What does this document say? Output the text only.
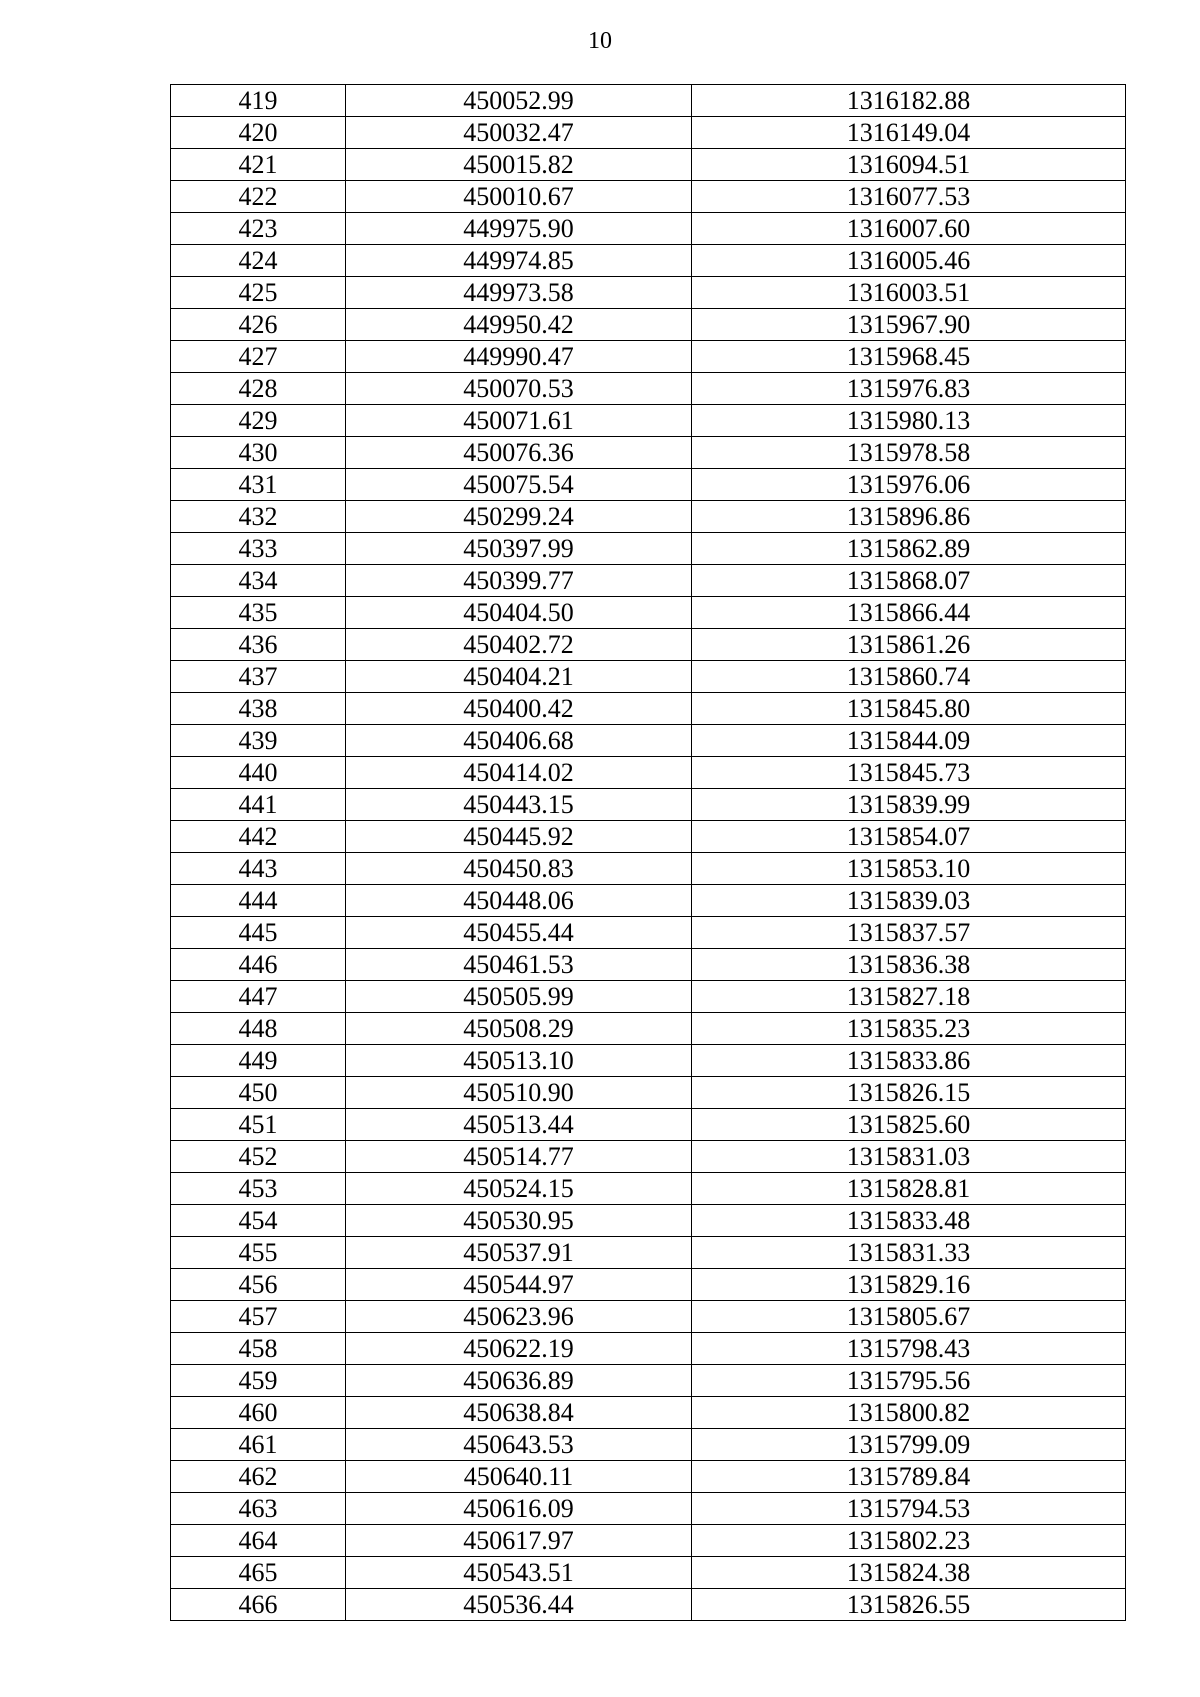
10
419	450052.99	1316182.88
420	450032.47	1316149.04
421	450015.82	1316094.51
422	450010.67	1316077.53
423	449975.90	1316007.60
424	449974.85	1316005.46
425	449973.58	1316003.51
426	449950.42	1315967.90
427	449990.47	1315968.45
428	450070.53	1315976.83
429	450071.61	1315980.13
430	450076.36	1315978.58
431	450075.54	1315976.06
432	450299.24	1315896.86
433	450397.99	1315862.89
434	450399.77	1315868.07
435	450404.50	1315866.44
436	450402.72	1315861.26
437	450404.21	1315860.74
438	450400.42	1315845.80
439	450406.68	1315844.09
440	450414.02	1315845.73
441	450443.15	1315839.99
442	450445.92	1315854.07
443	450450.83	1315853.10
444	450448.06	1315839.03
445	450455.44	1315837.57
446	450461.53	1315836.38
447	450505.99	1315827.18
448	450508.29	1315835.23
449	450513.10	1315833.86
450	450510.90	1315826.15
451	450513.44	1315825.60
452	450514.77	1315831.03
453	450524.15	1315828.81
454	450530.95	1315833.48
455	450537.91	1315831.33
456	450544.97	1315829.16
457	450623.96	1315805.67
458	450622.19	1315798.43
459	450636.89	1315795.56
460	450638.84	1315800.82
461	450643.53	1315799.09
462	450640.11	1315789.84
463	450616.09	1315794.53
464	450617.97	1315802.23
465	450543.51	1315824.38
466	450536.44	1315826.55
